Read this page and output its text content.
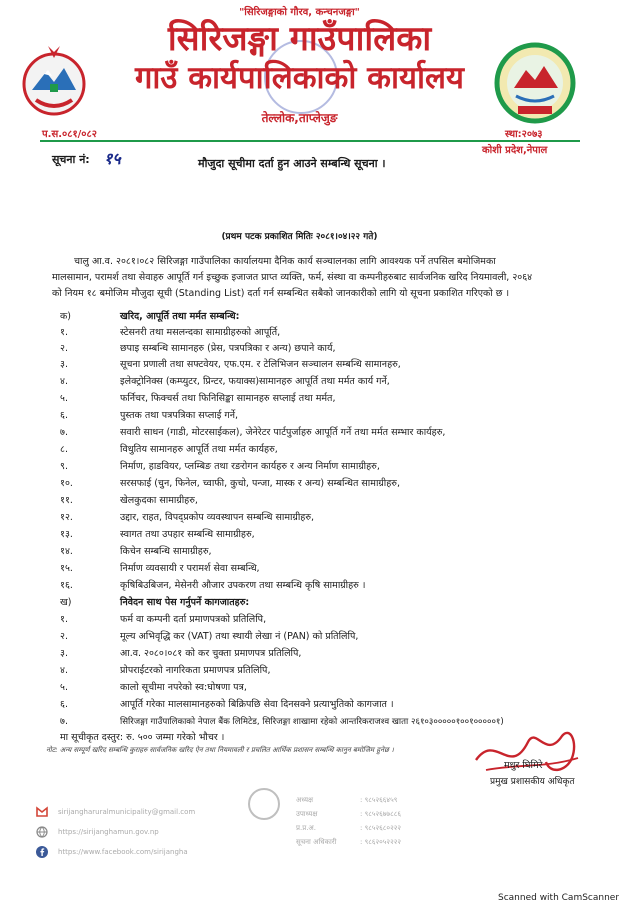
"सिरिजङ्गाको गौरव, कन्चनजङ्गा"
सिरिजङ्गा गाउँपालिका
गाउँ कार्यपालिकाको कार्यालय
तेल्लोक,ताप्लेजुङ
प.स.०८१/०८२	स्था:२०७३
कोशी प्रदेश,नेपाल
सूचना नं: १५	मौजुदा सूचीमा दर्ता हुन आउने सम्बन्धि सूचना ।
(प्रथम पटक प्रकाशित मितिः २०८१।०४।२२ गते)
चालु आ.व. २०८१।०८२ सिरिजङ्गा गाउँपालिका कार्यालयमा दैनिक कार्य सञ्चालनका लागि आवश्यक पर्ने तपसिल बमोजिमका
मालसामान, परामर्श तथा सेवाहरु आपूर्ति गर्न इच्छुक इजाजत प्राप्त व्यक्ति, फर्म, संस्था वा कम्पनीहरुबाट सार्वजनिक खरिद नियमावली, २०६४
को नियम १८ बमोजिम मौजुदा सूची (Standing List) दर्ता गर्न सम्बन्धित सबैको जानकारीको लागि यो सूचना प्रकाशित गरिएको छ ।
क)	खरिद, आपूर्ति तथा मर्मत सम्बन्धि:
१.	स्टेसनरी तथा मसलन्दका सामाग्रीहरुको आपूर्ति,
२.	छपाइ सम्बन्धि सामानहरु (प्रेस, पत्रपत्रिका र अन्य) छपाने कार्य,
३.	सूचना प्रणाली तथा सफ्टवेयर, एफ.एम. र टेलिभिजन सञ्चालन सम्बन्धि सामानहरु,
४.	इलेक्ट्रोनिक्स (कम्प्युटर, प्रिन्टर, फयाक्स)सामानहरु आपूर्ति तथा मर्मत कार्य गर्ने,
५.	फर्निचर, फिक्चर्स तथा फिनिसिङ्का सामानहरु सप्लाई तथा मर्मत,
६.	पुस्तक तथा पत्रपत्रिका सप्लाई गर्ने,
७.	सवारी साधन (गाडी, मोटरसाईकल), जेनेरेटर पार्टपुर्जाहरु आपूर्ति गर्ने तथा मर्मत सम्भार कार्यहरु,
८.	विधुतिय सामानहरु आपूर्ति तथा मर्मत कार्यहरु,
९.	निर्माण, हाडवियर, प्लम्बिङ तथा रङरोगन कार्यहरु र अन्य निर्माण सामाग्रीहरु,
१०.	सरसफाई (चुन, फिनेल, च्वाफी, कुचो, पन्जा, मास्क र अन्य) सम्बन्धित सामाग्रीहरु,
११.	खेलकुदका सामाग्रीहरु,
१२.	उद्दार, राहत, विपद्‍प्रकोप व्यवस्थापन सम्बन्धि सामाग्रीहरु,
१३.	स्वागत तथा उपहार सम्बन्धि सामाग्रीहरु,
१४.	किचेन सम्बन्धि सामाग्रीहरु,
१५.	निर्माण व्यवसायी र परामर्श सेवा सम्बन्धि,
१६.	कृषिबिउबिजन, मेसेनरी औजार उपकरण तथा सम्बन्धि कृषि सामाग्रीहरु ।
ख)	निवेदन साथ पेस गर्नुपर्ने कागजातहरु:
१.	फर्म वा कम्पनी दर्ता प्रमाणपत्रको प्रतिलिपि,
२.	मूल्य अभिवृद्धि कर (VAT) तथा स्थायी लेखा नं (PAN) को प्रतिलिपि,
३.	आ.व. २०८०।०८१ को कर चुक्ता प्रमाणपत्र प्रतिलिपि,
४.	प्रोपराईटरको नागरिकता प्रमाणपत्र प्रतिलिपि,
५.	कालो सूचीमा नपरेको स्व:घोषणा पत्र,
६.	आपूर्ति गरेका मालसामानहरुको बिक्रिपछि सेवा दिनसक्ने प्रत्याभुतिको कागजात ।
७.	सिरिजङ्गा गाउँपालिकाको नेपाल बैंक लिमिटेड, सिरिजङ्गा शाखामा रहेको आन्तरिकराजश्व खाता २६१०३०००००१००१०००००१)
मा सूचीकृत दस्तुर: रु. ५०० जम्मा गरेको भौचर ।
नोट: अन्य सम्पूर्ण खरिद सम्बन्धि कुराहरु सार्वजनिक खरिद ऐन तथा नियमावली र प्रचलित आर्थिक प्रशासन सम्बन्धि कानुन बमोजिम हुनेछ ।
मधुर घिमिरे
प्रमुख प्रशासकीय अधिकृत
sirijangharuralmunicipality@gmail.com
https://sirijanghamun.gov.np
https://www.facebook.com/sirijangha
अध्यक्ष	: ९८५२६६४५९
उपाध्यक्ष	: ९८५२६७७८८६
प्र.प्र.अ.	: ९८५२६८०२२२
सूचना अधिकारी	: ९८६२०५२२२२
Scanned with CamScanner
